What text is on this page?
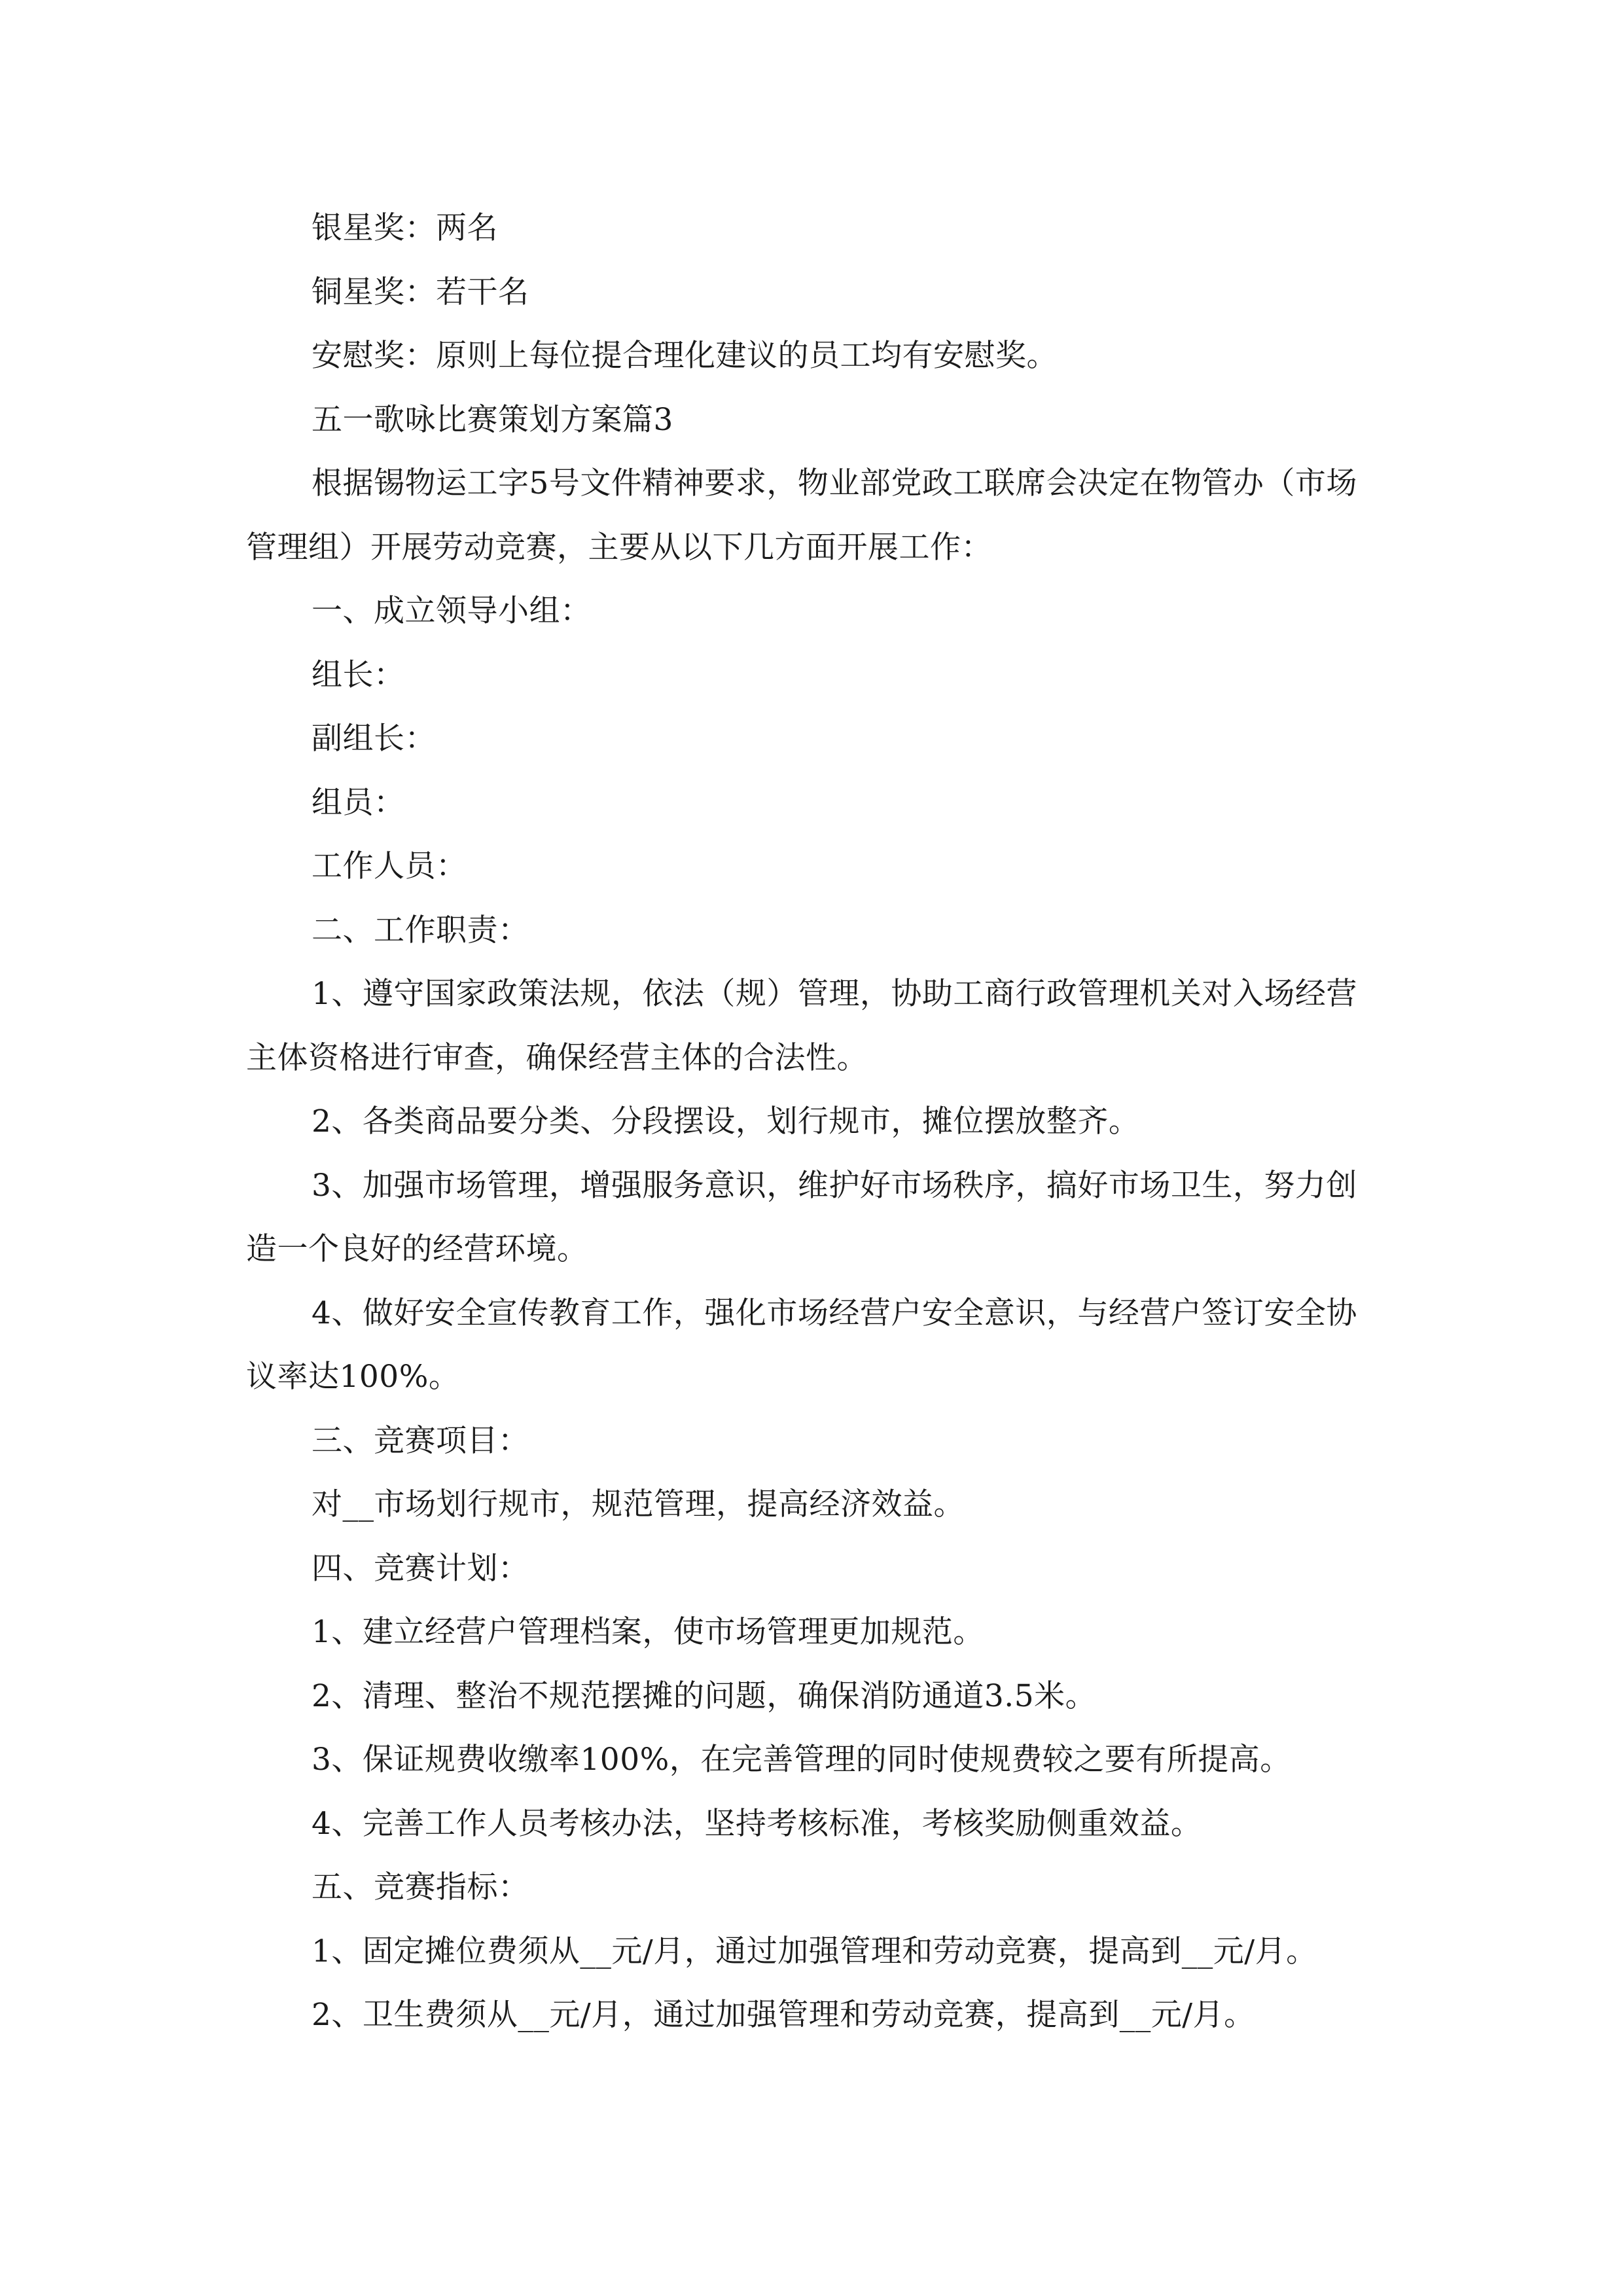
银星奖：两名

铜星奖：若干名

安慰奖：原则上每位提合理化建议的员工均有安慰奖。

五一歌咏比赛策划方案篇3

根据锡物运工字5号文件精神要求，物业部党政工联席会决定在物管办（市场管理组）开展劳动竞赛，主要从以下几方面开展工作：

一、成立领导小组：

组长：

副组长：

组员：

工作人员：

二、工作职责：

1、遵守国家政策法规，依法（规）管理，协助工商行政管理机关对入场经营主体资格进行审查，确保经营主体的合法性。

2、各类商品要分类、分段摆设，划行规市，摊位摆放整齐。

3、加强市场管理，增强服务意识，维护好市场秩序，搞好市场卫生，努力创造一个良好的经营环境。

4、做好安全宣传教育工作，强化市场经营户安全意识，与经营户签订安全协议率达100%。

三、竞赛项目：

对__市场划行规市，规范管理，提高经济效益。

四、竞赛计划：

1、建立经营户管理档案，使市场管理更加规范。

2、清理、整治不规范摆摊的问题，确保消防通道3.5米。

3、保证规费收缴率100%，在完善管理的同时使规费较之要有所提高。

4、完善工作人员考核办法，坚持考核标准，考核奖励侧重效益。

五、竞赛指标：

1、固定摊位费须从__元/月，通过加强管理和劳动竞赛，提高到__元/月。

2、卫生费须从__元/月，通过加强管理和劳动竞赛，提高到__元/月。
